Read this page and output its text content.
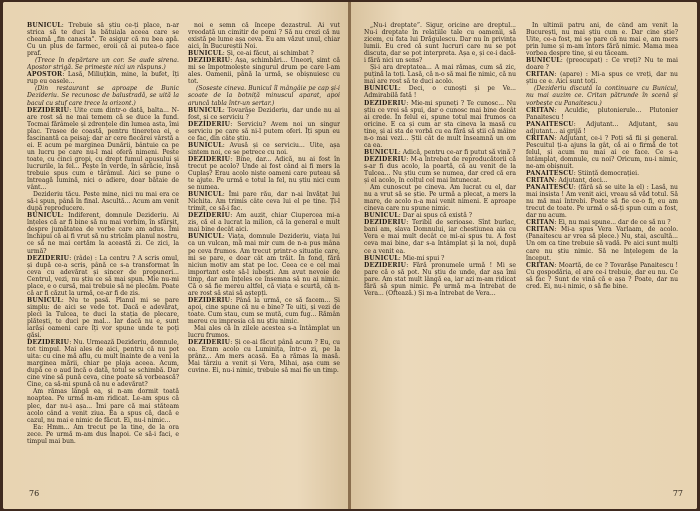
BUNICUL: Trebuie să știu ce-ți place, n-ar strica să te duci la bătuiala aceea care se cheamă „fin canasta". Te asigur că nu bea apă. Cu un plus de farmec, eroii că ai putea-o face praf.

(Trece în depărtare un cor. Se aude sirena. Apostor strigă. Se primește nici un răspuns.)

APOSTOR: Lasă, Miliuțkin, mine, la bufet, îți rup eu oasele...

(Din restaurant se aproape de Bunic Dezideriu. Se recunosc de balustradă, se uită la bacul cu stuf care trece la orizont.)

DEZIDERIU: Uite cum dintr-o dată, balta... N-are rost să ne mai temem că se duce la fund. Tocmai fărâmele și zdrențele din lumea asta, îmi plac. Trasee de coastă, pentru tinerețea ei, e fascinantă ca peisaj; dar ar cere fiecărei vârstă a ei. E acum pe marginea Dunării, bântuie ca pe un lucru pe care nu-l mai oferă nimeni. Peste toate, cu cinci gropi, cu drept fumul apusului și lucrurile, la fel... Pește în verde, în sărăcie, însă trebuie spus cum e tărâmul. Aici se pune o întreagă lumină, nici o adiere, doar bătaie de vânt...

Dezideriu tăcu. Peste mine, nici nu mai era ce să-i spun, până în final. Ascultă... Acum am venit după reproducere.

BUNICUL: Indiferent, domnule Dezideriu. Ai înțeles că ar fi bine să nu mai vorbim, în sfârșit, despre jumătatea de vorbe care am adus. Îmi închipui că ai fi vrut să nu stricăm planul nostru, ce să ne mai certăm la această zi. Ce zici, la urmă?

DEZIDERIU: (râde) : La centru ? A scris omul, și după ce-a scris, până ce s-a transformat în ceva cu adevărat și sincer de propuneri... Centrul, vezi, nu știu ce să mai spun. Mie nu-mi place, e o cursă, mai trebuie să ne plecăm. Poate că ar fi căzut la urmă, ce-ar fi de zis.

BUNICUL: Nu te pasă. Planul mi se pare simplu: de aici se vede tot. Dacă e adevărat, pleci la Tulcea, te duci la stația de plecare, plătești, te duci pe mal... Iar dacă nu e, sunt iarăși oameni care îți vor spune unde te poți găsi.

DEZIDERIU: Nu. Urmează Dezideriu, domnule, tot timpul. Mai ales de aici, pentru că nu pot uita: cu cine mă aflu, cu mult înainte de a veni la marginea mării, chiar pe plaja aceea. Acum, după ce o aud încă o dată, totul se schimbă. Dar cine vine să pună ceva, cine poate să vorbească? Cine, ca să-mi spună că nu e adevărat?

Am rămas lângă ea, și n-am dormit toată noaptea. Pe urmă m-am ridicat. Le-am spus că plec, dar nu-i așa... Îmi pare că mai stăteam acolo când a venit ziua. Ea a spus că, dacă e cazul, nu mai e nimic de făcut. Ei, nu-i nimic...

Ea: Hmm... Am trecut pe la tine, de la ora zece. Pe urmă m-am dus înapoi. Ce să-i faci, e timpul mai bun.

noi e semn că începe dezastrul. Ai vut vreodată un cimitir de pomi ? Să nu crezi că nu există pe lume așa ceva. Eu am văzut unul, chiar aici, în Bucureștii Noi.

BUNICUL: Și, ce-ai făcut, ai schimbat ?

DEZIDERIU: Așa, schimbări... Uneori, simt că mi se împotmolește singurul drum pe care l-am ales. Oamenii, până la urmă, se obișnuiesc cu tot.

(Soseste cineva. Bunicul îl mângâie pe cap și-i scoate de la botniță minuscul aparat, apoi aruncă tabla într-un sertar.)

BUNICUL: Tovarășe Dezideriu, dar unde nu ai fost, și ce serviciu ?

DEZIDERIU: Serviciu? Avem noi un singur serviciu pe care să ni-l putem oferi. Îți spun eu ce fac, din câte știu.

BUNICUL: Avusă și ce serviciu... Uite, așa sintem noi, ce se petrece cu noi.

DEZIDERIU: Bine, dar... Adică, nu ai fost în trecut pe acolo? Unde ai fost când ai fi mers la Cuplaș? Erau acolo niște oameni care puteau să te ajute. Pe urmă e totul la fel, nu știu nici cum se numea.

BUNICUL: Îmi pare rău, dar n-ai învățat lui Nichita. Am trimis câte ceva lui el pe tine. Ți-l trimit, ce să-i fac.

DEZIDERIU: Am auzit, chiar Ciupercea mi-a zis, că el a lucrat la milion, că la general e mult mai bine decât aici.

BUNICUL: Viața, domnule Dezideriu, viața lui ca un vulcan, mă mai mir cum de n-a pus mâna pe ceva frumos. Am trecut printr-o situație care, mi se pare, e doar cât am trăit. În fond, fără niciun motiv am stat pe loc. Ceea ce e cel mai important este să-l iubești. Am avut nevoie de timp, dar am înțeles ce însemna să nu ai nimic. Că o să fie mereu altfel, că viața e scurtă, că n-are rost să stai să aștepți.

DEZIDERIU: Până la urmă, ce să facem... Și apoi, cine spune că nu e bine? Te uiți, și vezi de toate. Cum stau, cum se mută, cum fug... Rămân mereu cu impresia că nu știu nimic.

Mai ales că în zilele acestea s-a întâmplat un lucru frumos.

DEZIDERIU: Și ce-ai făcut până acum ? Eu, cu ea. Eram acolo cu Luminița, într-o zi, pe la prânz... Am mers acasă. Ea a rămas la masă. Mai târziu a venit și Vera, Mihai, așa cum se cuvine. Ei, nu-i nimic, trebuie să mai fie un timp.

76

„Nu-i dreptate”. Sigur, oricine are dreptul... Nu-i dreptate în relațiile tale cu oamenii, să zicem, cu fata lui Drăgulescu. Dar nu în privința lumii. Eu cred că sunt lucruri care nu se pot discuta, dar se pot interpreta. Așa e, și ce-i dacă-i fără nici un sens?

Și-i ara dreptatea... A mai rămas, cum să zic, puțină la toți. Lasă, că n-o să mai fie nimic, că nu mai are rost să te duci acolo.

BUNICUL: Deci, o cunoști și pe Ve... Admirabilă fată !

DEZIDERIU: Mie-mi spuneți ? Te cunosc... Nu știu ce vrei să spui, dar o cunosc mai bine decât ai crede. În felul ei, spune totul mai frumos ca oricine. E ca și cum ar sta cineva la masă cu tine, și ai sta de vorbă cu ea fără să știi că mâine n-o mai vezi... Știi cât de mult înseamnă un om ca ea.

BUNICUL: Adică, pentru ce-ar fi putut să vină ?

DEZIDERIU: M-a întrebat de reproducătorii că s-ar fi dus acolo, la poartă, că au venit de la Tulcea... Nu știu cum se numea, dar cred că era și el acolo, în colțul cel mai întunecat.

Am cunoscut pe cineva. Am lucrat cu el, dar nu a vrut să se știe. Pe urmă a plecat, a mers la mare, de acolo n-a mai venit nimeni. E aproape cineva care nu spune nimic.

BUNICUL: Dar ai spus că există ?

DEZIDERIU: Teribil de serioase. Sînt burlac, bani am, slava Domnului, iar chestiunea aia cu Vera e mai mult decât ce mi-ai spus tu. A fost ceva mai bine, dar s-a întâmplat și la noi, după ce a venit ea.

BUNICUL: Mie-mi spui ?

DEZIDERIU: Fără pronumele urmă ! Mi se pare că o să pot. Nu știu de unde, dar așa îmi pare. Am stat mult lângă ea, iar azi m-am ridicat fără să spun nimic. Pe urmă m-a întrebat de Vera... (Oftează.) Și m-a întrebat de Vera...

În ultimii patru ani, de când am venit la București, nu mai știu cum e. Dar cine știe? Uite, ce-a fost, mi se pare că nu mai e, am mers prin lume și m-am întors fără nimic. Mama mea vorbea despre tine, și eu tăceam.

BUNICUL: (preocupat) : Ce vreți? Nu te mai doare ?

CRITAN: (apare) : Mi-a spus ce vreți, dar nu știu ce e. Aici sunt toți.

(Dezideriu discută la continuare cu Bunicul, nu mai auzim ce. Critan pătrunde în scenă și vorbește cu Panaitescu.)

CRITAN: Aculdic, plutonierule... Plutonier Panaitescu !

PANAITESCU: Adjutant... Adjutant, sau adjutant... ai grijă !

CRITAN: Adjutant, ce-i ? Poți să fii și general. Pescuitul ți-a ajuns la gât, că ai o firmă de tot felul, și acum nu mai ai ce face. Ce s-a întâmplat, domnule, cu noi? Oricum, nu-i nimic, ne-am obișnuit.

PANAITESCU: Știință democrației.

CRITAN: Adjutant, deci...

PANAITESCU: (fără să se uite la el) : Lasă, nu mai insista ! Am venit aici, vreau să văd totul. Să nu mă mai întrebi. Poate să fie ce-o fi, eu am trecut de toate. Pe urmă o să-ți spun cum a fost, dar nu acum.

CRITAN: Ei, nu mai spune... dar de ce să nu ?

CRITAN: Mi-a spus Vera Varlaam, de acolo. (Panaitescu ar vrea să plece.) Nu, stai, ascultă... Un om ca tine trebuie să vadă. Pe aici sunt mulți care nu știu nimic. Să ne înțelegem de la început.

CRITAN: Moartă, de ce ? Tovarășe Panaitescu ! Cu gospodăria, el are ce-i trebuie, dar eu nu. Ce să fac ? Sunt de vină că e așa ? Poate, dar nu cred. Ei, nu-i nimic, o să fie bine.

77
